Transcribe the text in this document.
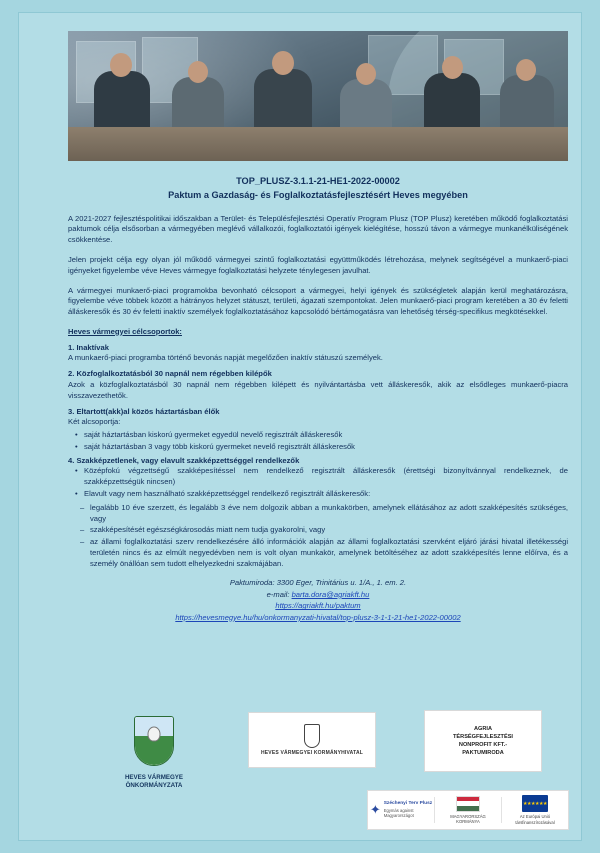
TOP_PLUSZ-3.1.1-21-HE1-2022-00002
Paktum a Gazdaság- és Foglalkoztatásfejlesztésért Heves megyében

A 2021-2027 fejlesztéspolitikai időszakban a Terület- és Településfejlesztési Operatív Program Plusz (TOP Plusz) keretében működő foglalkoztatási paktumok célja elsősorban a vármegyében meglévő vállalkozói, foglalkoztatói igények kielégítése, hosszú távon a vármegye munkanélküliségének csökkentése.

Jelen projekt célja egy olyan jól működő vármegyei szintű foglalkoztatási együttműködés létrehozása, melynek segítségével a munkaerő-piaci igényeket figyelembe véve Heves vármegye foglalkoztatási helyzete ténylegesen javulhat.

A vármegyei munkaerő-piaci programokba bevonható célcsoport a vármegyei, helyi igények és szükségletek alapján kerül meghatározásra, figyelembe véve többek között a hátrányos helyzet státuszt, területi, ágazati szempontokat. Jelen munkaerő-piaci program keretében a 30 év feletti álláskeresők és 30 év feletti inaktív személyek foglalkoztatásához kapcsolódó bértámogatásra van lehetőség térség-specifikus megkötésekkel.

Heves vármegyei célcsoportok:
1. Inaktívak
A munkaerő-piaci programba történő bevonás napját megelőzően inaktív státuszú személyek.
2. Közfoglalkoztatásból 30 napnál nem régebben kilépők
Azok a közfoglalkoztatásból 30 napnál nem régebben kilépett és nyilvántartásba vett álláskeresők, akik az elsődleges munkaerő-piacra visszavezethetők.
3. Eltartott(akk)al közös háztartásban élők
Két alcsoportja:
• saját háztartásban kiskorú gyermeket egyedül nevelő regisztrált álláskeresők
• saját háztartásban 3 vagy több kiskorú gyermeket nevelő regisztrált álláskeresők
4. Szakképzetlenek, vagy elavult szakképzettséggel rendelkezők
• Középfokú végzettségű szakképesítéssel nem rendelkező regisztrált álláskeresők (érettségi bizonyítvánnyal rendelkeznek, de szakképzettségük nincsen)
• Elavult vagy nem használható szakképzettséggel rendelkező regisztrált álláskeresők:
– legalább 10 éve szerzett, és legalább 3 éve nem dolgozik abban a munkakörben, amelynek ellátásához az adott szakképesítés szükséges, vagy
– szakképesítését egészségkárosodás miatt nem tudja gyakorolni, vagy
– az állami foglalkoztatási szerv rendelkezésére álló információk alapján az állami foglalkoztatási szervként eljáró járási hivatal illetékességi területén nincs és az elmúlt negyedévben nem is volt olyan munkakör, amelynek betöltéséhez az adott szakképesítés lenne előírva, és a személy önállóan sem tudott elhelyezkedni szakmájában.
Paktumiroda: 3300 Eger, Trinitárius u. 1/A., 1. em. 2.
e-mail: barta.dora@agriakft.hu
https://agriakft.hu/paktum
https://hevesmegye.hu/hu/onkormanyzati-hivatal/top-plusz-3-1-1-21-he1-2022-00002
HEVES VÁRMEGYE
ÖNKORMÁNYZATA
HEVES VÁRMEGYEI KORMÁNYHIVATAL
AGRIA
TÉRSÉGFEJLESZTÉSI
NONPROFIT KFT.-
PAKTUMIRODA
✦ Széchenyi Terv Plusz
Egymás against
Magyarországot	MAGYARORSZÁG
KORMÁNYA
★★★★★★
Az Európai Unió
társfinanszírozásával
